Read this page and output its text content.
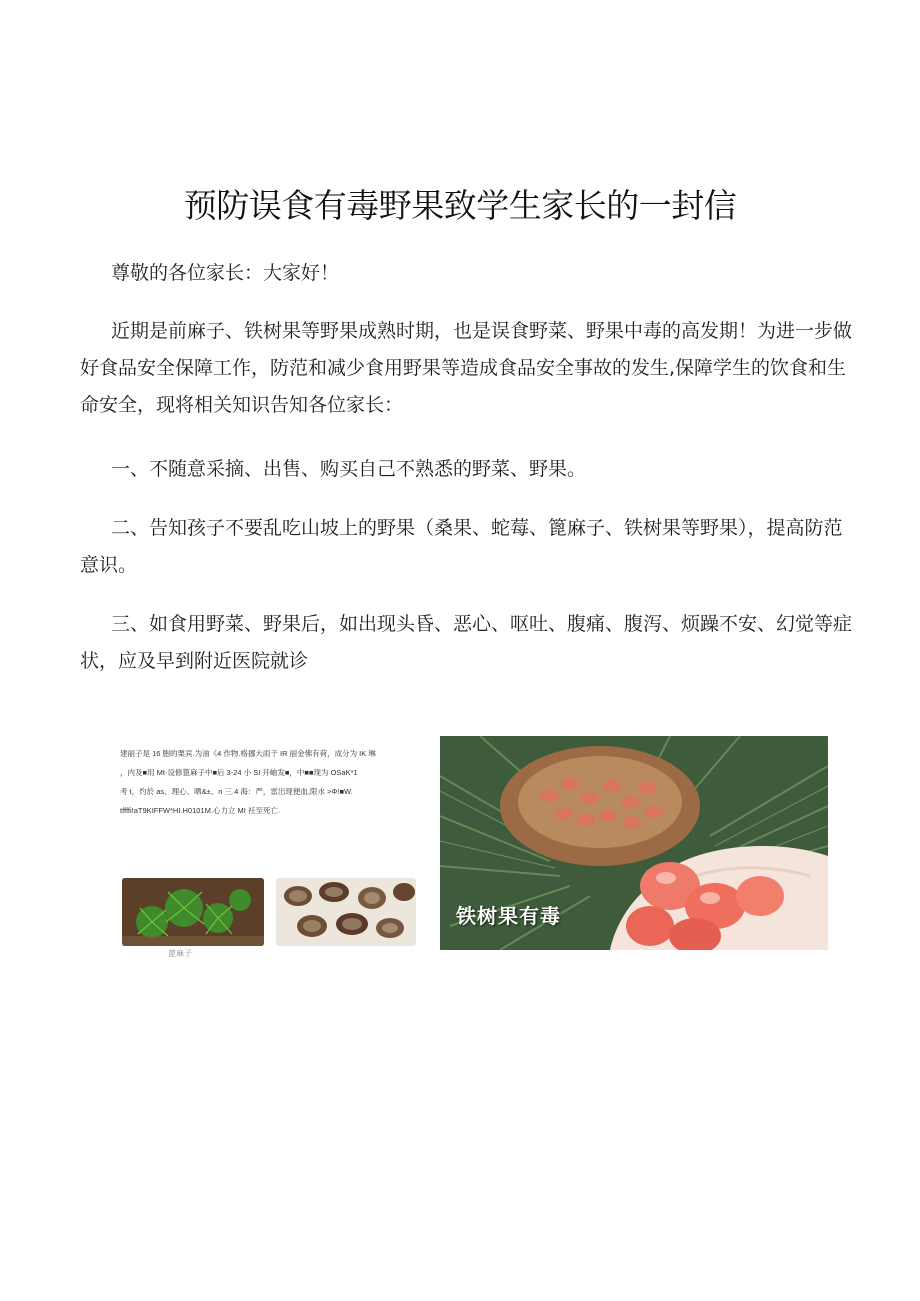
预防误食有毒野果致学生家长的一封信

尊敬的各位家长：大家好！

近期是前麻子、铁树果等野果成熟时期，也是误食野菜、野果中毒的高发期！为进一步做好食品安全保障工作，防范和减少食用野果等造成食品安全事故的发生,保障学生的饮食和生命安全，现将相关知识告知各位家长：

一、不随意采摘、出售、购买自己不熟悉的野菜、野果。

二、告知孩子不要乱吃山坡上的野果（桑果、蛇莓、篦麻子、铁树果等野果），提高防范意识。

三、如食用野菜、野果后，如出现头昏、恶心、呕吐、腹痛、腹泻、烦躁不安、幻觉等症状，应及早到附近医院就诊

建丽子是 16 胞的栗宾.为油《4 作物.格挪大雨干 IR 丽金怫有荷，成分为 IK 琳
，内及■用 Mt-设修篦麻子中■后 3-24 小 SI 开岫发■，中■■现为 OSaK*1
考 t，灼於 as、理心、晒&±、n 三.4 海：严，雷岀现便血,限水 >Φ!■W.
tffffi!aT9KIFFW*HI.H0101M.心力立 MI 衽至死亡.
蓖麻子
铁树果有毒
